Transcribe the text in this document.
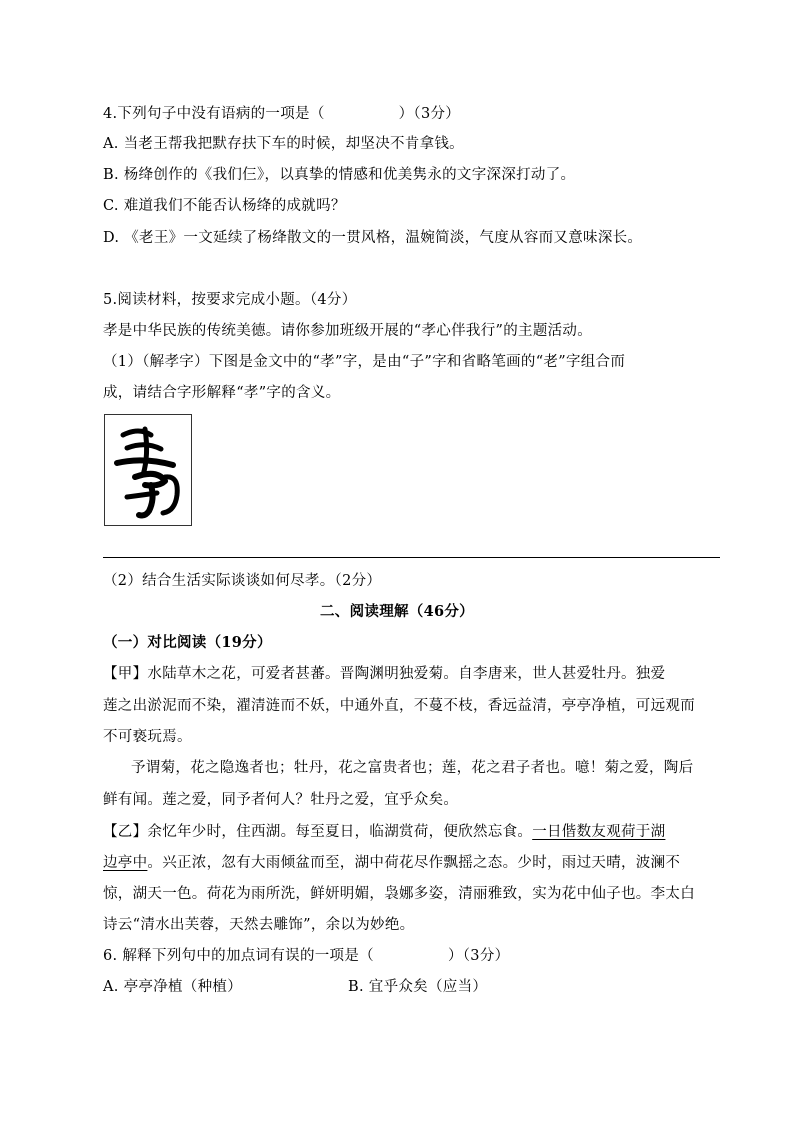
4.下列句子中没有语病的一项是（　　　　　）（3分）
A. 当老王帮我把默存扶下车的时候，却坚决不肯拿钱。
B. 杨绛创作的《我们仨》，以真挚的情感和优美隽永的文字深深打动了。
C. 难道我们不能否认杨绛的成就吗？
D. 《老王》一文延续了杨绛散文的一贯风格，温婉简淡，气度从容而又意味深长。
5.阅读材料，按要求完成小题。（4分）
孝是中华民族的传统美德。请你参加班级开展的“孝心伴我行”的主题活动。
（1）（解孝字）下图是金文中的“孝”字，是由“子”字和省略笔画的“老”字组合而
成，请结合字形解释“孝”字的含义。
（2）结合生活实际谈谈如何尽孝。（2分）
二、阅读理解（46分）
（一）对比阅读（19分）
【甲】水陆草木之花，可爱者甚蕃。晋陶渊明独爱菊。自李唐来，世人甚爱牡丹。独爱
莲之出淤泥而不染，濯清涟而不妖，中通外直，不蔓不枝，香远益清，亭亭净植，可远观而
不可亵玩焉。
予谓菊，花之隐逸者也；牡丹，花之富贵者也；莲，花之君子者也。噫！菊之爱，陶后
鲜有闻。莲之爱，同予者何人？牡丹之爱，宜乎众矣。
【乙】余忆年少时，住西湖。每至夏日，临湖赏荷，便欣然忘食。一日偕数友观荷于湖
边亭中。兴正浓，忽有大雨倾盆而至，湖中荷花尽作飘摇之态。少时，雨过天晴，波澜不
惊，湖天一色。荷花为雨所洗，鲜妍明媚，袅娜多姿，清丽雅致，实为花中仙子也。李太白
诗云“清水出芙蓉，天然去雕饰”，余以为妙绝。
6. 解释下列句中的加点词有误的一项是（　　　　　）（3分）
A. 亭亭净植（种植）	B. 宜乎众矣（应当）
